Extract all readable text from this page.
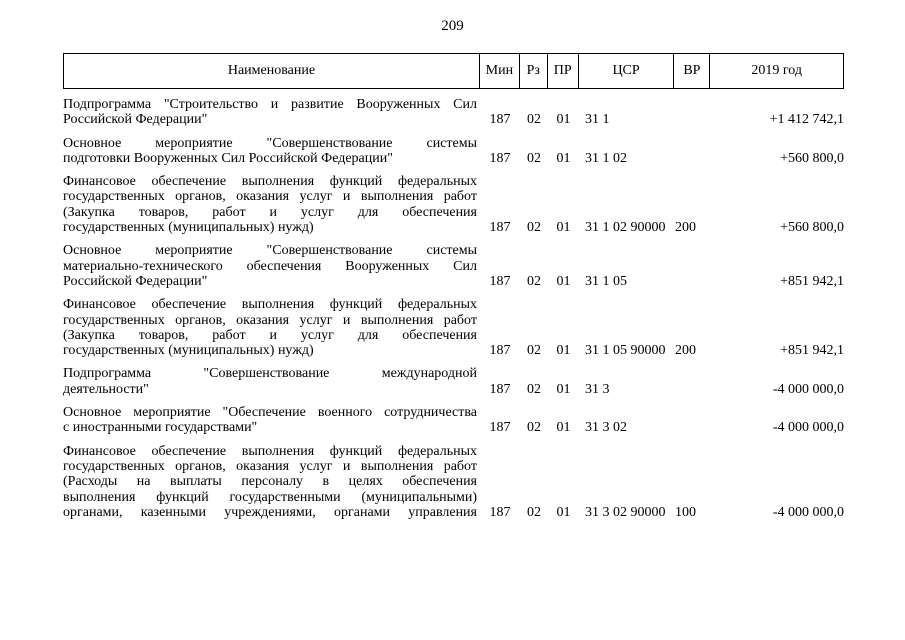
209
Наименование	Мин Рз ПР	ЦСР	ВР	2019 год
Подпрограмма "Строительство и развитие Вооруженных Сил
Российской Федерации"	187	02	01	31 1	+1 412 742,1
Основное мероприятие "Совершенствование системы
подготовки Вооруженных Сил Российской Федерации"	187	02	01	31 1 02	+560 800,0
Финансовое обеспечение выполнения функций федеральных
государственных органов, оказания услуг и выполнения работ
(Закупка товаров, работ и услуг для обеспечения
государственных (муниципальных) нужд)	187	02	01	31 1 02 90000 200	+560 800,0
Основное мероприятие "Совершенствование системы
материально-технического обеспечения Вооруженных Сил
Российской Федерации"	187	02	01	31 1 05	+851 942,1
Финансовое обеспечение выполнения функций федеральных
государственных органов, оказания услуг и выполнения работ
(Закупка товаров, работ и услуг для обеспечения
государственных (муниципальных) нужд)	187	02	01	31 1 05 90000 200	+851 942,1
Подпрограмма "Совершенствование международной
деятельности"	187	02	01	31 3	-4 000 000,0
Основное мероприятие "Обеспечение военного сотрудничества
с иностранными государствами"	187	02	01	31 3 02	-4 000 000,0
Финансовое обеспечение выполнения функций федеральных
государственных органов, оказания услуг и выполнения работ
(Расходы на выплаты персоналу в целях обеспечения
выполнения функций государственными (муниципальными)
органами, казенными учреждениями, органами управления 187	02	01	31 3 02 90000 100	-4 000 000,0
